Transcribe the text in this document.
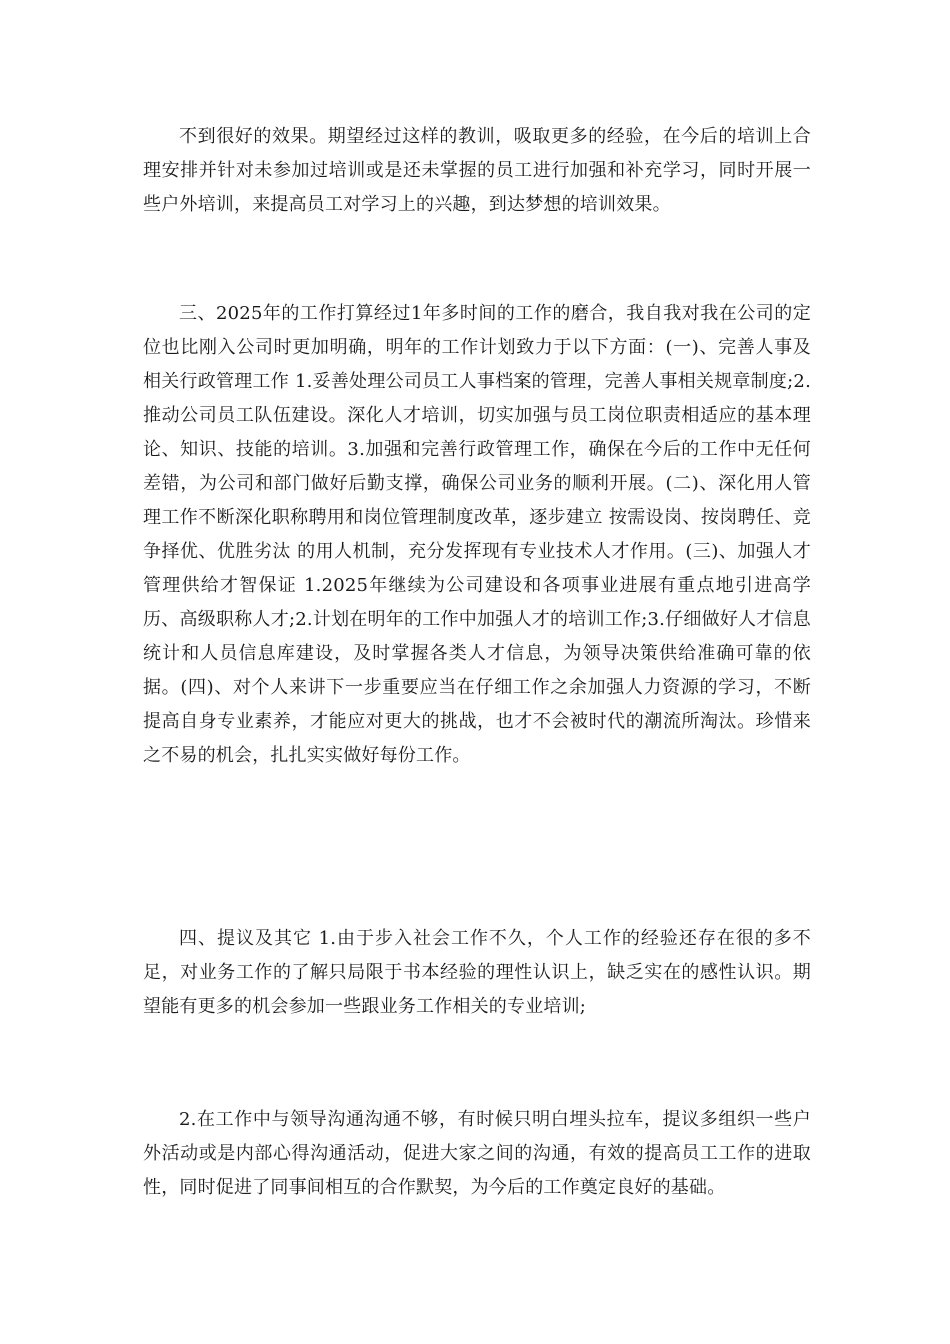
不到很好的效果。期望经过这样的教训，吸取更多的经验，在今后的培训上合理安排并针对未参加过培训或是还未掌握的员工进行加强和补充学习，同时开展一些户外培训，来提高员工对学习上的兴趣，到达梦想的培训效果。

三、2025年的工作打算经过1年多时间的工作的磨合，我自我对我在公司的定位也比刚入公司时更加明确，明年的工作计划致力于以下方面：(一)、完善人事及相关行政管理工作 1.妥善处理公司员工人事档案的管理，完善人事相关规章制度;2.推动公司员工队伍建设。深化人才培训，切实加强与员工岗位职责相适应的基本理论、知识、技能的培训。3.加强和完善行政管理工作，确保在今后的工作中无任何差错，为公司和部门做好后勤支撑，确保公司业务的顺利开展。(二)、深化用人管理工作不断深化职称聘用和岗位管理制度改革，逐步建立 按需设岗、按岗聘任、竞争择优、优胜劣汰 的用人机制，充分发挥现有专业技术人才作用。(三)、加强人才管理供给才智保证 1.2025年继续为公司建设和各项事业进展有重点地引进高学历、高级职称人才;2.计划在明年的工作中加强人才的培训工作;3.仔细做好人才信息统计和人员信息库建设，及时掌握各类人才信息，为领导决策供给准确可靠的依据。(四)、对个人来讲下一步重要应当在仔细工作之余加强人力资源的学习，不断提高自身专业素养，才能应对更大的挑战，也才不会被时代的潮流所淘汰。珍惜来之不易的机会，扎扎实实做好每份工作。

四、提议及其它 1.由于步入社会工作不久，个人工作的经验还存在很的多不足，对业务工作的了解只局限于书本经验的理性认识上，缺乏实在的感性认识。期望能有更多的机会参加一些跟业务工作相关的专业培训;

2.在工作中与领导沟通沟通不够，有时候只明白埋头拉车，提议多组织一些户外活动或是内部心得沟通活动，促进大家之间的沟通，有效的提高员工工作的进取性，同时促进了同事间相互的合作默契，为今后的工作奠定良好的基础。
